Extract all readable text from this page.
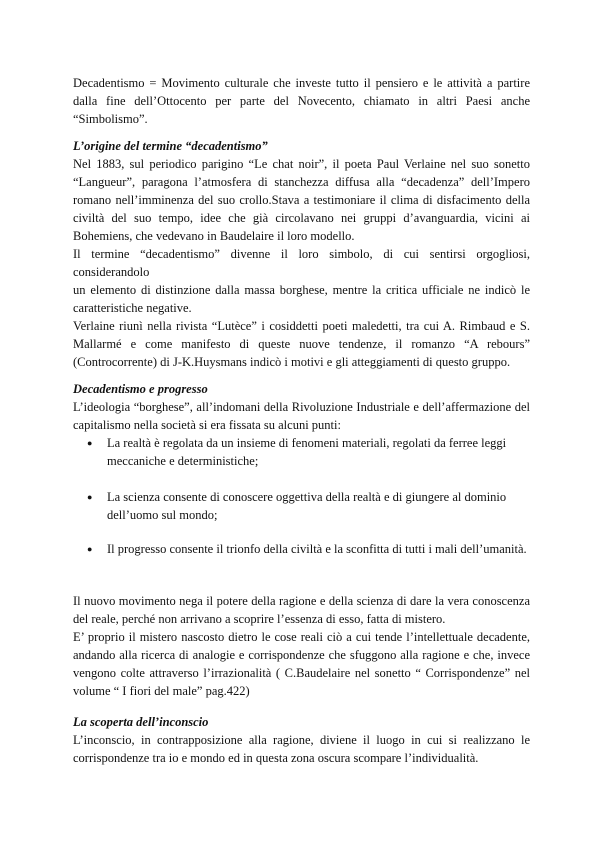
Decadentismo = Movimento culturale che investe tutto il pensiero e le attività a partire dalla fine dell’Ottocento per parte del Novecento, chiamato in altri Paesi anche “Simbolismo”.

L’origine del termine “decadentismo”

Nel 1883, sul periodico parigino “Le chat noir”, il poeta Paul Verlaine nel suo sonetto “Langueur”, paragona l’atmosfera di stanchezza diffusa alla “decadenza” dell’Impero romano nell’imminenza del suo crollo.Stava a testimoniare il clima di disfacimento della civiltà del suo tempo, idee che già circolavano nei gruppi d’avanguardia, vicini ai Bohemiens, che vedevano in Baudelaire il loro modello.

Il termine “decadentismo” divenne il loro simbolo, di cui sentirsi orgogliosi, considerandolo

un elemento di distinzione dalla massa borghese, mentre la critica ufficiale ne indicò le caratteristiche negative.

Verlaine riunì nella rivista “Lutèce” i cosiddetti poeti maledetti, tra cui A. Rimbaud e S. Mallarmé e come manifesto di queste nuove tendenze, il romanzo “A rebours” (Controcorrente) di J-K.Huysmans indicò i motivi e gli atteggiamenti di questo gruppo.

Decadentismo e progresso

L’ideologia “borghese”, all’indomani della Rivoluzione Industriale e dell’affermazione del capitalismo nella società si era fissata su alcuni punti:

● La realtà è regolata da un insieme di fenomeni materiali, regolati da ferree leggi meccaniche e deterministiche;
● La scienza consente di conoscere oggettiva della realtà e di giungere al dominio dell’uomo sul mondo;
● Il progresso consente il trionfo della civiltà e la sconfitta di tutti i mali dell’umanità.

Il nuovo movimento nega il potere della ragione e della scienza di dare la vera conoscenza del reale, perché non arrivano a scoprire l’essenza di esso, fatta di mistero.

E’ proprio il mistero nascosto dietro le cose reali ciò a cui tende l’intellettuale decadente, andando alla ricerca di analogie e corrispondenze che sfuggono alla ragione e che, invece vengono colte attraverso l’irrazionalità ( C.Baudelaire nel sonetto “ Corrispondenze” nel volume “ I fiori del male” pag.422)

La scoperta dell’inconscio

L’inconscio, in contrapposizione alla ragione, diviene il luogo in cui si realizzano le corrispondenze tra io e mondo ed in questa zona oscura scompare l’individualità.
